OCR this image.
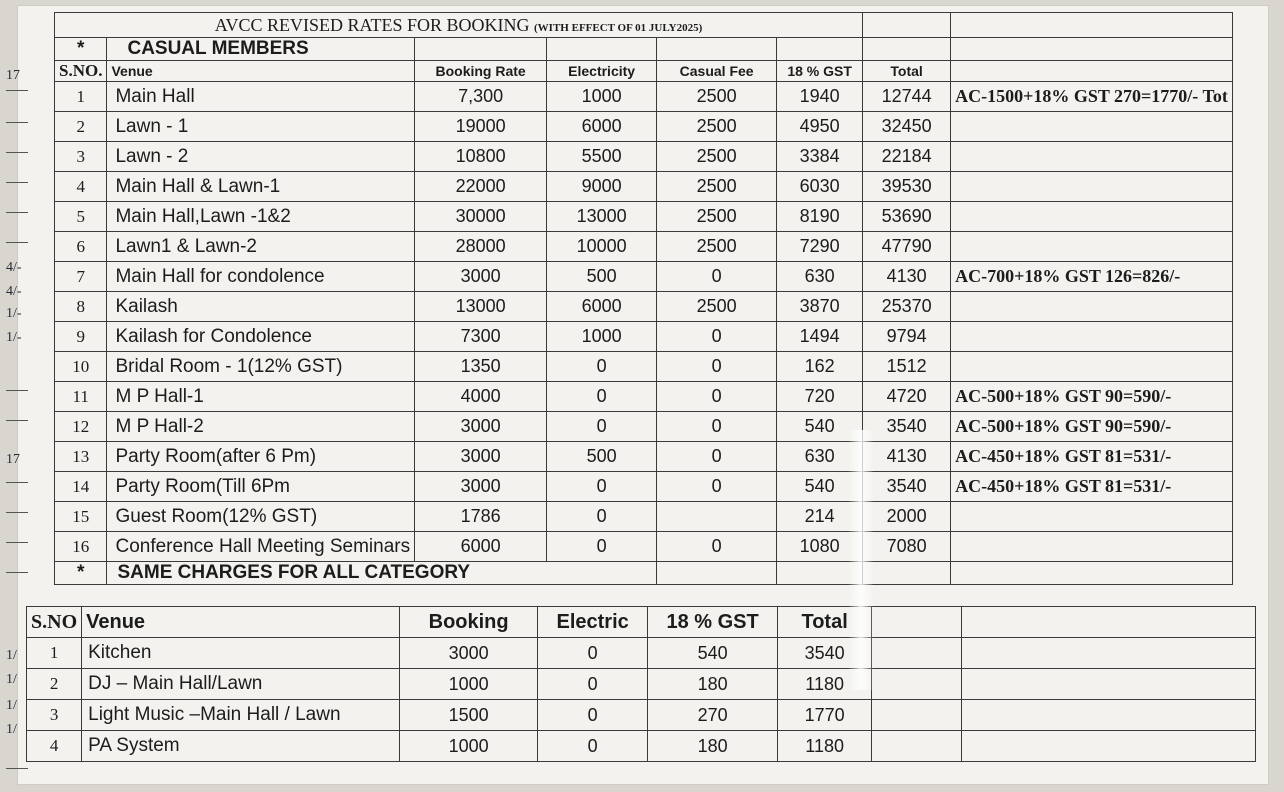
17
4/-
4/-
1/-
1/-
17
1/
1/
1/
1/
AVCC REVISED RATES FOR BOOKING (WITH EFFECT OF 01 JULY2025)							
*	CASUAL MEMBERS						
S.NO.	Venue	Booking Rate	Electricity	Casual Fee	18 % GST	Total	
1	Main Hall	7,300	1000	2500	1940	12744	AC-1500+18% GST 270=1770/- Tot
2	Lawn - 1	19000	6000	2500	4950	32450	
3	Lawn - 2	10800	5500	2500	3384	22184	
4	Main Hall & Lawn-1	22000	9000	2500	6030	39530	
5	Main Hall,Lawn -1&2	30000	13000	2500	8190	53690	
6	Lawn1 & Lawn-2	28000	10000	2500	7290	47790	
7	Main Hall for condolence	3000	500	0	630	4130	AC-700+18% GST 126=826/-
8	Kailash	13000	6000	2500	3870	25370	
9	Kailash for Condolence	7300	1000	0	1494	9794	
10	Bridal Room - 1(12% GST)	1350	0	0	162	1512	
11	M P Hall-1	4000	0	0	720	4720	AC-500+18% GST 90=590/-
12	M P Hall-2	3000	0	0	540	3540	AC-500+18% GST 90=590/-
13	Party Room(after 6 Pm)	3000	500	0	630	4130	AC-450+18% GST 81=531/-
14	Party Room(Till 6Pm	3000	0	0	540	3540	AC-450+18% GST 81=531/-
15	Guest Room(12% GST)	1786	0		214	2000	
16	Conference Hall Meeting Seminars	6000	0	0	1080	7080	
*	SAME CHARGES FOR ALL CATEGORY						
S.NO	Venue	Booking	Electric	18 % GST	Total		
1	Kitchen	3000	0	540	3540		
2	DJ – Main Hall/Lawn	1000	0	180	1180		
3	Light Music –Main Hall / Lawn	1500	0	270	1770		
4	PA System	1000	0	180	1180		
